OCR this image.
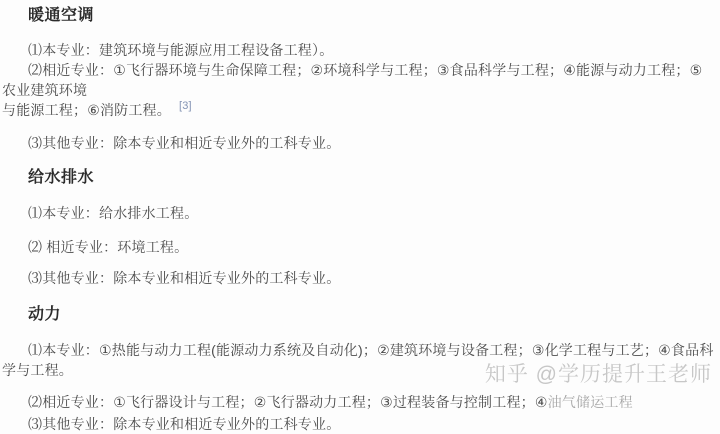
暖通空调

⑴本专业：建筑环境与能源应用工程设备工程）。

⑵相近专业：①飞行器环境与生命保障工程；②环境科学与工程；③食品科学与工程；④能源与动力工程；⑤农业建筑环境
与能源工程；⑥消防工程。 [3]

⑶其他专业：除本专业和相近专业外的工科专业。

给水排水

⑴本专业：给水排水工程。

⑵ 相近专业：环境工程。

⑶其他专业：除本专业和相近专业外的工科专业。

动力

⑴本专业：①热能与动力工程(能源动力系统及自动化)；②建筑环境与设备工程；③化学工程与工艺；④食品科学与工程。

⑵相近专业：①飞行器设计与工程；②飞行器动力工程；③过程装备与控制工程；④油气储运工程

⑶其他专业：除本专业和相近专业外的工科专业。

知乎 @学历提升王老师
